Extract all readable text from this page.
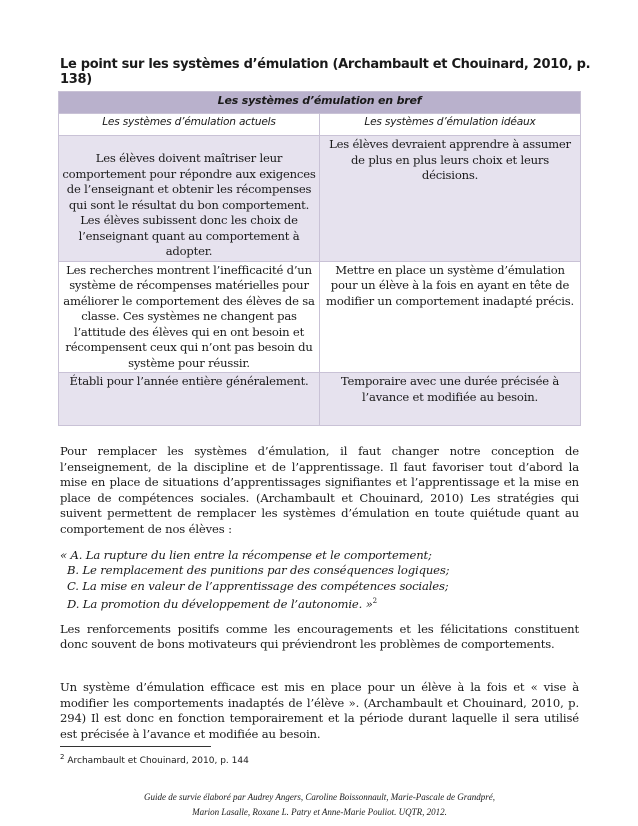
Le point sur les systèmes d’émulation (Archambault et Chouinard, 2010, p. 138)
Les systèmes d’émulation en bref	
Les systèmes d’émulation actuels	Les systèmes d’émulation idéaux
Les élèves doivent maîtriser leur comportement pour répondre aux exigences de l’enseignant et obtenir les récompenses qui sont le résultat du bon comportement. Les élèves subissent donc les choix de l’enseignant quant au comportement à adopter.	Les élèves devraient apprendre à assumer de plus en plus leurs choix et leurs décisions.
Les recherches montrent l’inefficacité d’un système de récompenses matérielles pour améliorer le comportement des élèves de sa classe. Ces systèmes ne changent pas l’attitude des élèves qui en ont besoin et récompensent ceux qui n’ont pas besoin du système pour réussir.	Mettre en place un système d’émulation pour un élève à la fois en ayant en tête de modifier un comportement inadapté précis.
Établi pour l’année entière généralement.	Temporaire avec une durée précisée à l’avance et modifiée au besoin.

Pour remplacer les systèmes d’émulation, il faut changer notre conception de l’enseignement, de la discipline et de l’apprentissage. Il faut favoriser tout d’abord la mise en place de situations d’apprentissages signifiantes et l’apprentissage et la mise en place de compétences sociales. (Archambault et Chouinard, 2010) Les stratégies qui suivent permettent de remplacer les systèmes d’émulation en toute quiétude quant au comportement de nos élèves :

« A. La rupture du lien entre la récompense et le comportement;
B. Le remplacement des punitions par des conséquences logiques;
C. La mise en valeur de l’apprentissage des compétences sociales;
D. La promotion du développement de l’autonomie. »$^2$

Les renforcements positifs comme les encouragements et les félicitations constituent donc souvent de bons motivateurs qui préviendront les problèmes de comportements.

Un système d’émulation efficace est mis en place pour un élève à la fois et « vise à modifier les comportements inadaptés de l’élève ». (Archambault et Chouinard, 2010, p. 294) Il est donc en fonction temporairement et la période durant laquelle il sera utilisé est précisée à l’avance et modifiée au besoin.

$^2$ Archambault et Chouinard, 2010, p. 144
Guide de survie élaboré par Audrey Angers, Caroline Boissonnault, Marie-Pascale de Grandpré,
Marion Lasalle, Roxane L. Patry et Anne-Marie Pouliot. UQTR, 2012.
